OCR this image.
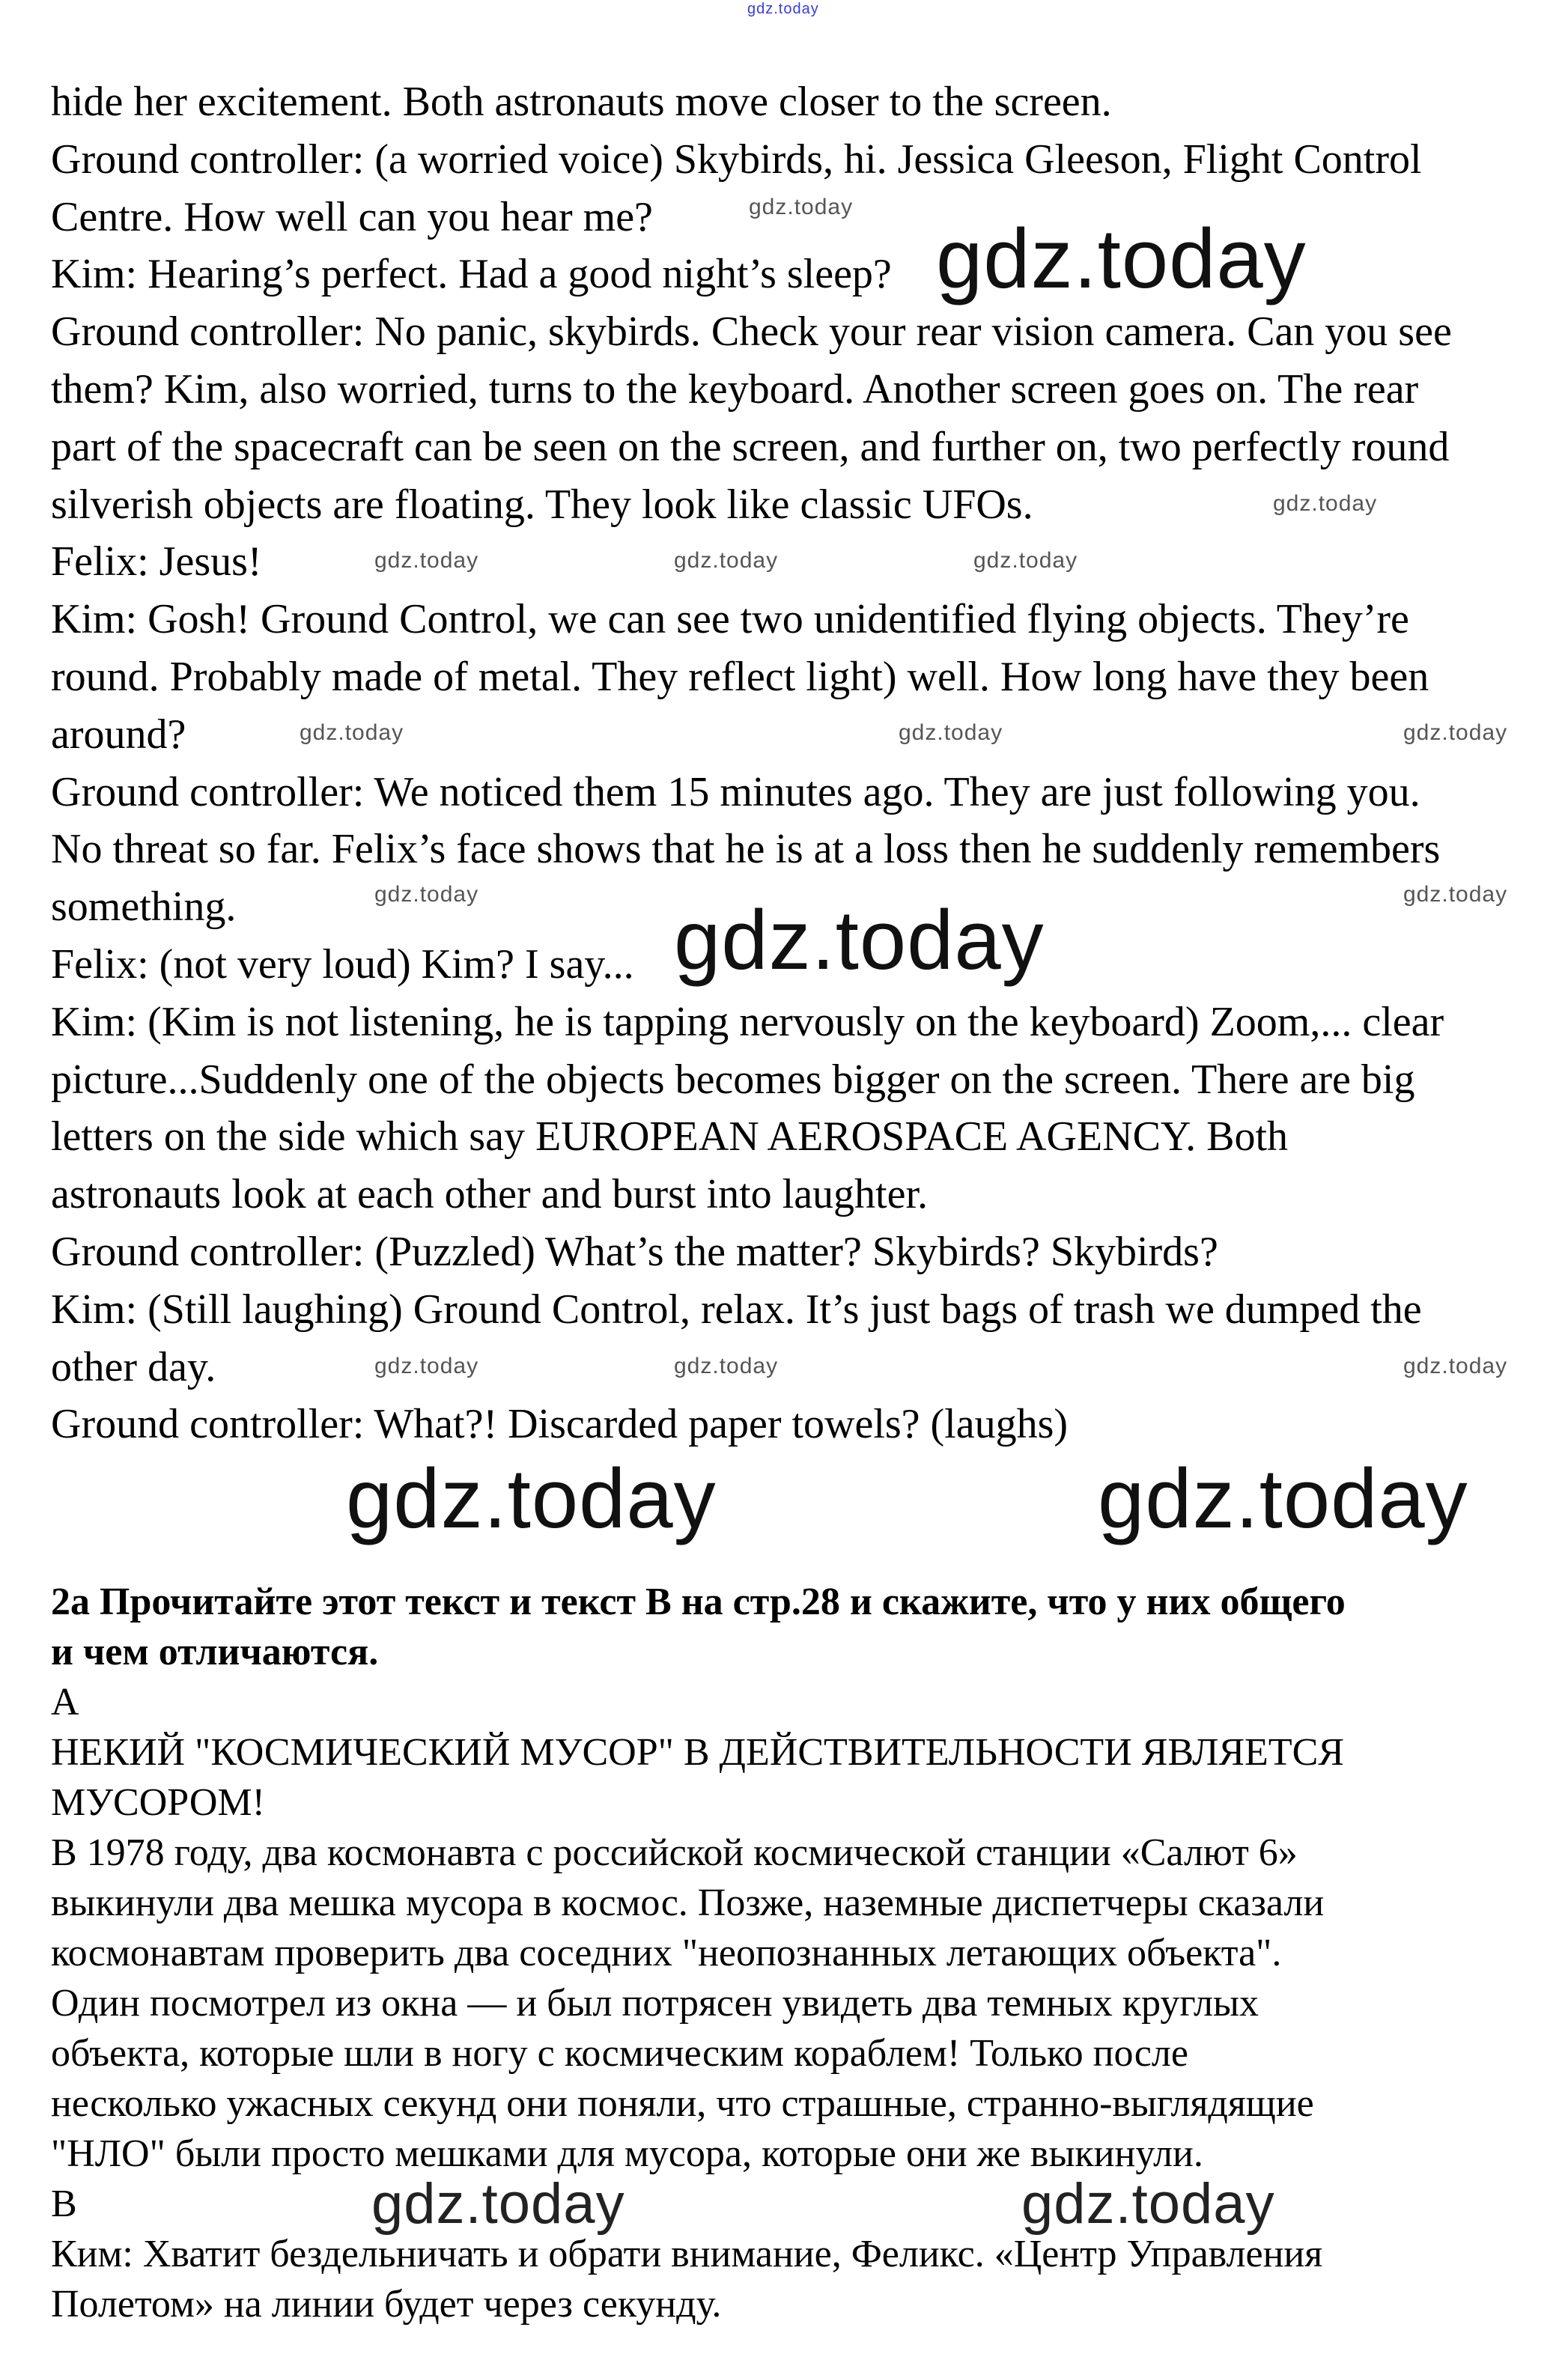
hide her excitement. Both astronauts move closer to the screen.
Ground controller: (a worried voice) Skybirds, hi. Jessica Gleeson, Flight Control
Centre. How well can you hear me?
Kim: Hearing’s perfect. Had a good night’s sleep?
Ground controller: No panic, skybirds. Check your rear vision camera. Can you see
them? Kim, also worried, turns to the keyboard. Another screen goes on. The rear
part of the spacecraft can be seen on the screen, and further on, two perfectly round
silverish objects are floating. They look like classic UFOs.
Felix: Jesus!
Kim: Gosh! Ground Control, we can see two unidentified flying objects. They’re
round. Probably made of metal. They reflect light) well. How long have they been
around?
Ground controller: We noticed them 15 minutes ago. They are just following you.
No threat so far. Felix’s face shows that he is at a loss then he suddenly remembers
something.
Felix: (not very loud) Kim? I say...
Kim: (Kim is not listening, he is tapping nervously on the keyboard) Zoom,... clear
picture...Suddenly one of the objects becomes bigger on the screen. There are big
letters on the side which say EUROPEAN AEROSPACE AGENCY. Both
astronauts look at each other and burst into laughter.
Ground controller: (Puzzled) What’s the matter? Skybirds? Skybirds?
Kim: (Still laughing) Ground Control, relax. It’s just bags of trash we dumped the
other day.
Ground controller: What?! Discarded paper towels? (laughs)
2a Прочитайте этот текст и текст B на стр.28 и скажите, что у них общего
и чем отличаются.
А
НЕКИЙ "КОСМИЧЕСКИЙ МУСОР" В ДЕЙСТВИТЕЛЬНОСТИ ЯВЛЯЕТСЯ
МУСОРОМ!
В 1978 году, два космонавта с российской космической станции «Салют 6»
выкинули два мешка мусора в космос. Позже, наземные диспетчеры сказали
космонавтам проверить два соседних "неопознанных летающих объекта".
Один посмотрел из окна — и был потрясен увидеть два темных круглых
объекта, которые шли в ногу с космическим кораблем! Только после
несколько ужасных секунд они поняли, что страшные, странно-выглядящие
"НЛО" были просто мешками для мусора, которые они же выкинули.
В
Ким: Хватит бездельничать и обрати внимание, Феликс. «Центр Управления
Полетом» на линии будет через секунду.
gdz.today
gdz.today
gdz.today
gdz.today	gdz.today
gdz.today	gdz.today
gdz.today
gdz.today
gdz.today	gdz.today	gdz.today
gdz.today	gdz.today	gdz.today
gdz.today	gdz.today
gdz.today	gdz.today	gdz.today
